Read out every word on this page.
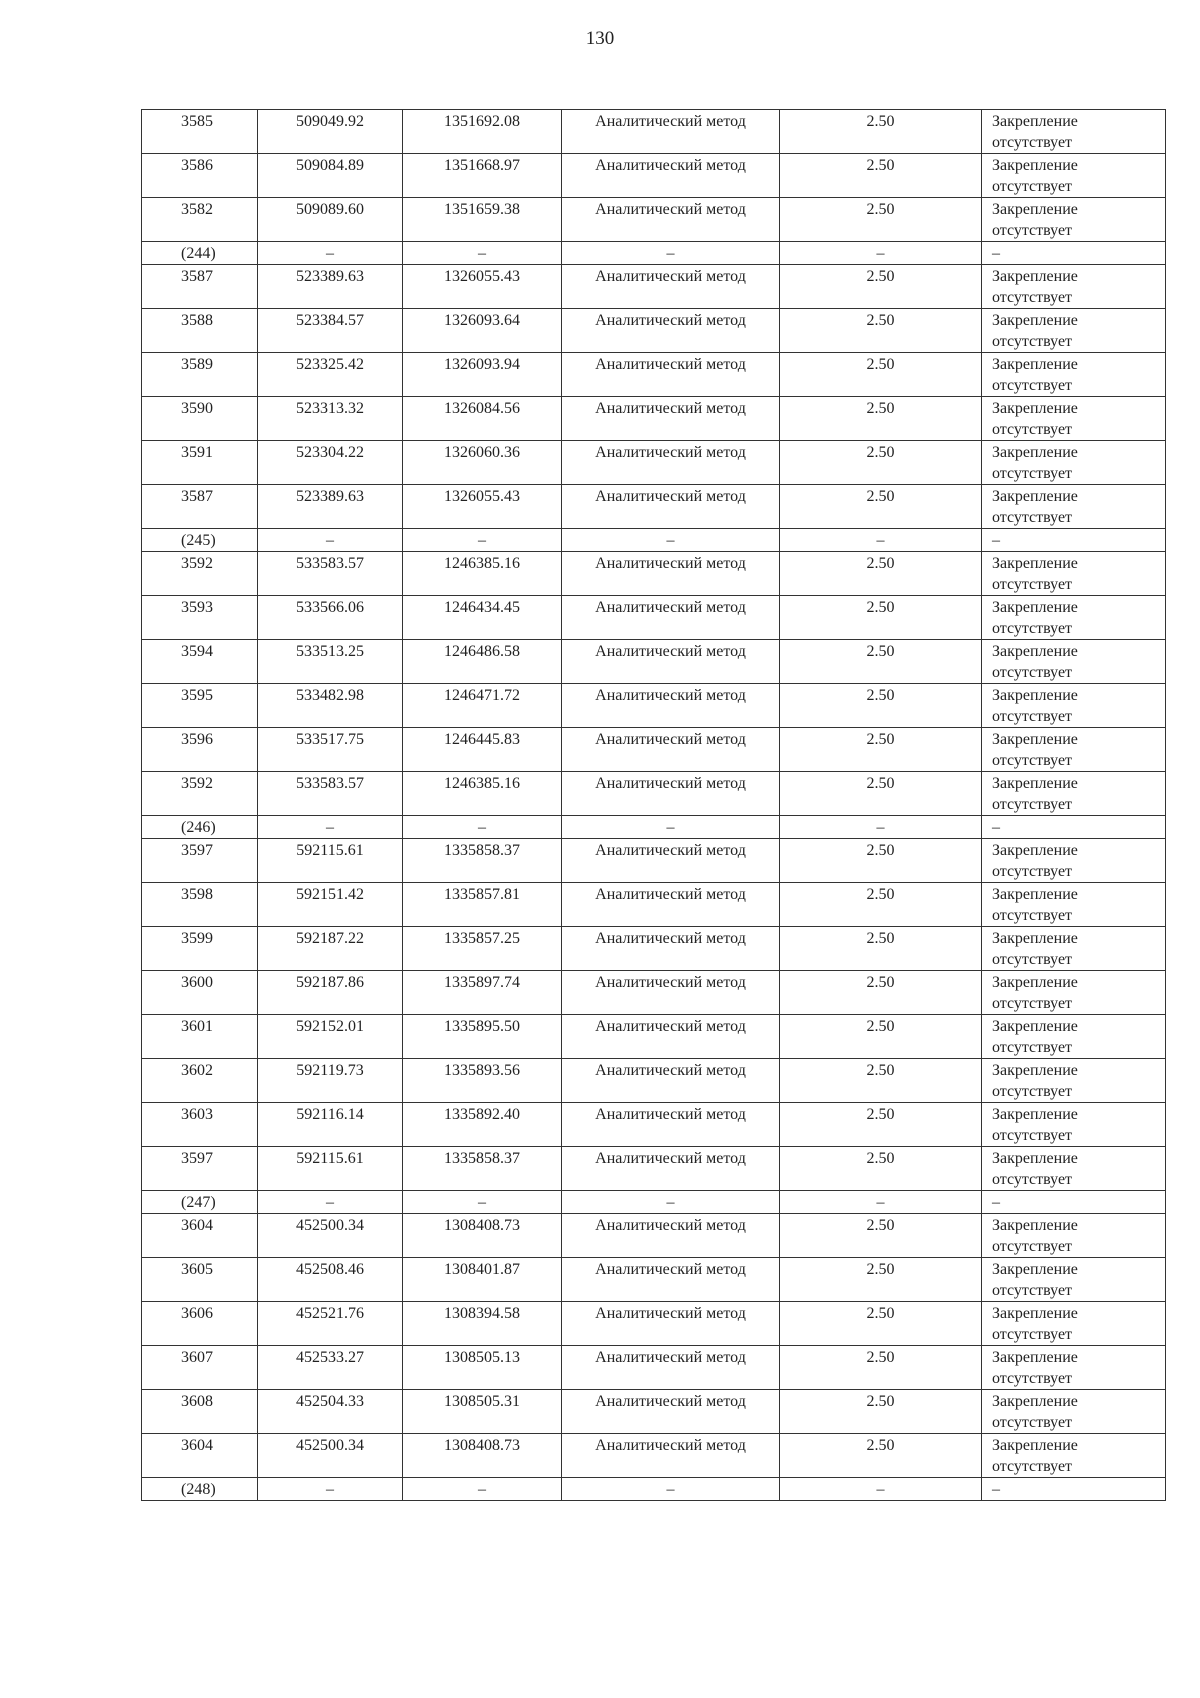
130
3585	509049.92	1351692.08	Аналитический метод	2.50	Закрепление
отсутствует

3586	509084.89	1351668.97	Аналитический метод	2.50	Закрепление
отсутствует

3582	509089.60	1351659.38	Аналитический метод	2.50	Закрепление
отсутствует

(244)	–	–	–	–	–
3587	523389.63	1326055.43	Аналитический метод	2.50	Закрепление
отсутствует

3588	523384.57	1326093.64	Аналитический метод	2.50	Закрепление
отсутствует

3589	523325.42	1326093.94	Аналитический метод	2.50	Закрепление
отсутствует

3590	523313.32	1326084.56	Аналитический метод	2.50	Закрепление
отсутствует

3591	523304.22	1326060.36	Аналитический метод	2.50	Закрепление
отсутствует

3587	523389.63	1326055.43	Аналитический метод	2.50	Закрепление
отсутствует

(245)	–	–	–	–	–
3592	533583.57	1246385.16	Аналитический метод	2.50	Закрепление
отсутствует

3593	533566.06	1246434.45	Аналитический метод	2.50	Закрепление
отсутствует

3594	533513.25	1246486.58	Аналитический метод	2.50	Закрепление
отсутствует

3595	533482.98	1246471.72	Аналитический метод	2.50	Закрепление
отсутствует

3596	533517.75	1246445.83	Аналитический метод	2.50	Закрепление
отсутствует

3592	533583.57	1246385.16	Аналитический метод	2.50	Закрепление
отсутствует

(246)	–	–	–	–	–
3597	592115.61	1335858.37	Аналитический метод	2.50	Закрепление
отсутствует

3598	592151.42	1335857.81	Аналитический метод	2.50	Закрепление
отсутствует

3599	592187.22	1335857.25	Аналитический метод	2.50	Закрепление
отсутствует

3600	592187.86	1335897.74	Аналитический метод	2.50	Закрепление
отсутствует

3601	592152.01	1335895.50	Аналитический метод	2.50	Закрепление
отсутствует

3602	592119.73	1335893.56	Аналитический метод	2.50	Закрепление
отсутствует

3603	592116.14	1335892.40	Аналитический метод	2.50	Закрепление
отсутствует

3597	592115.61	1335858.37	Аналитический метод	2.50	Закрепление
отсутствует

(247)	–	–	–	–	–
3604	452500.34	1308408.73	Аналитический метод	2.50	Закрепление
отсутствует

3605	452508.46	1308401.87	Аналитический метод	2.50	Закрепление
отсутствует

3606	452521.76	1308394.58	Аналитический метод	2.50	Закрепление
отсутствует

3607	452533.27	1308505.13	Аналитический метод	2.50	Закрепление
отсутствует

3608	452504.33	1308505.31	Аналитический метод	2.50	Закрепление
отсутствует

3604	452500.34	1308408.73	Аналитический метод	2.50	Закрепление
отсутствует

(248)	–	–	–	–	–
